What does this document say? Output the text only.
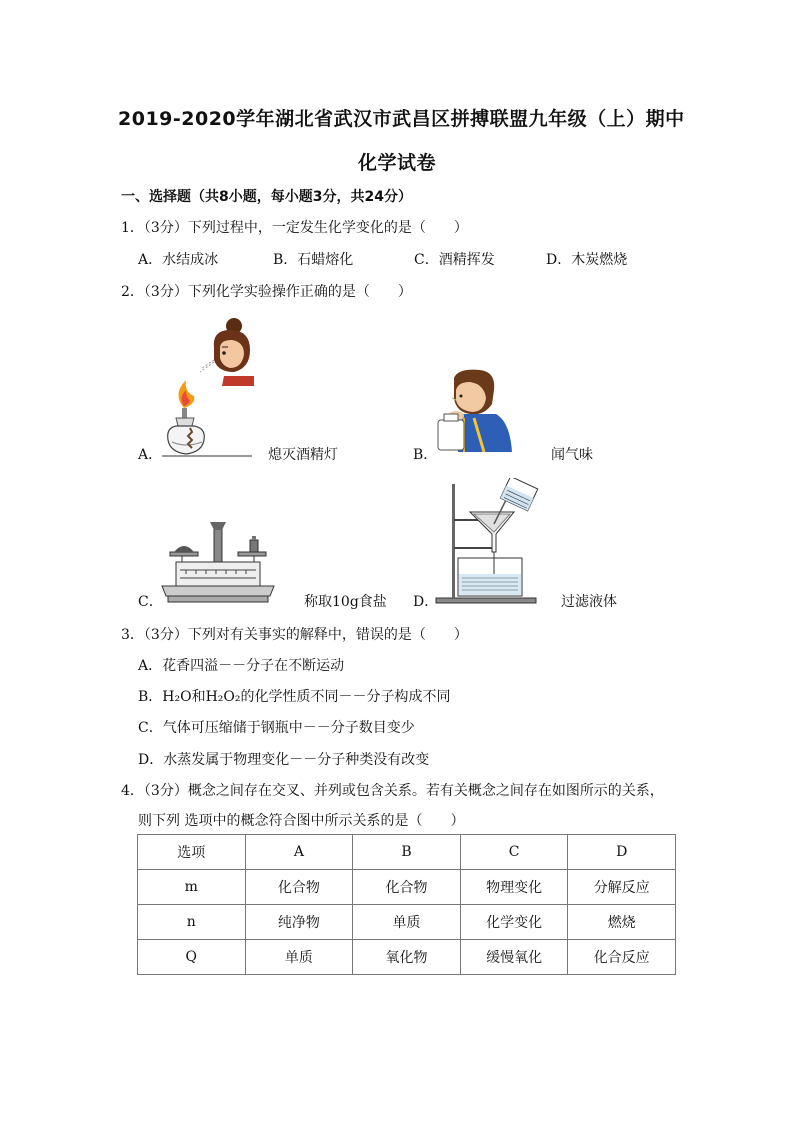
2019-2020学年湖北省武汉市武昌区拼搏联盟九年级（上）期中
化学试卷
一、选择题（共8小题，每小题3分，共24分）
1．（3分）下列过程中，一定发生化学变化的是（　　）
A．水结成冰	B．石蜡熔化	C．酒精挥发	D．木炭燃烧
2．（3分）下列化学实验操作正确的是（　　）
A．	熄灭酒精灯	B．	闻气味
C．	称取10g食盐 D．	过滤液体
3．（3分）下列对有关事实的解释中，错误的是（　　）
A．花香四溢－－分子在不断运动
B．H₂O和H₂O₂的化学性质不同－－分子构成不同
C．气体可压缩储于钢瓶中－－分子数目变少
D．水蒸发属于物理变化－－分子种类没有改变
4．（3分）概念之间存在交叉、并列或包含关系。若有关概念之间存在如图所示的关系，
则下列 选项中的概念符合图中所示关系的是（　　）
选项	A	B	C	D
m	化合物	化合物	物理变化	分解反应
n	纯净物	单质	化学变化	燃烧
Q	单质	氧化物	缓慢氧化	化合反应
